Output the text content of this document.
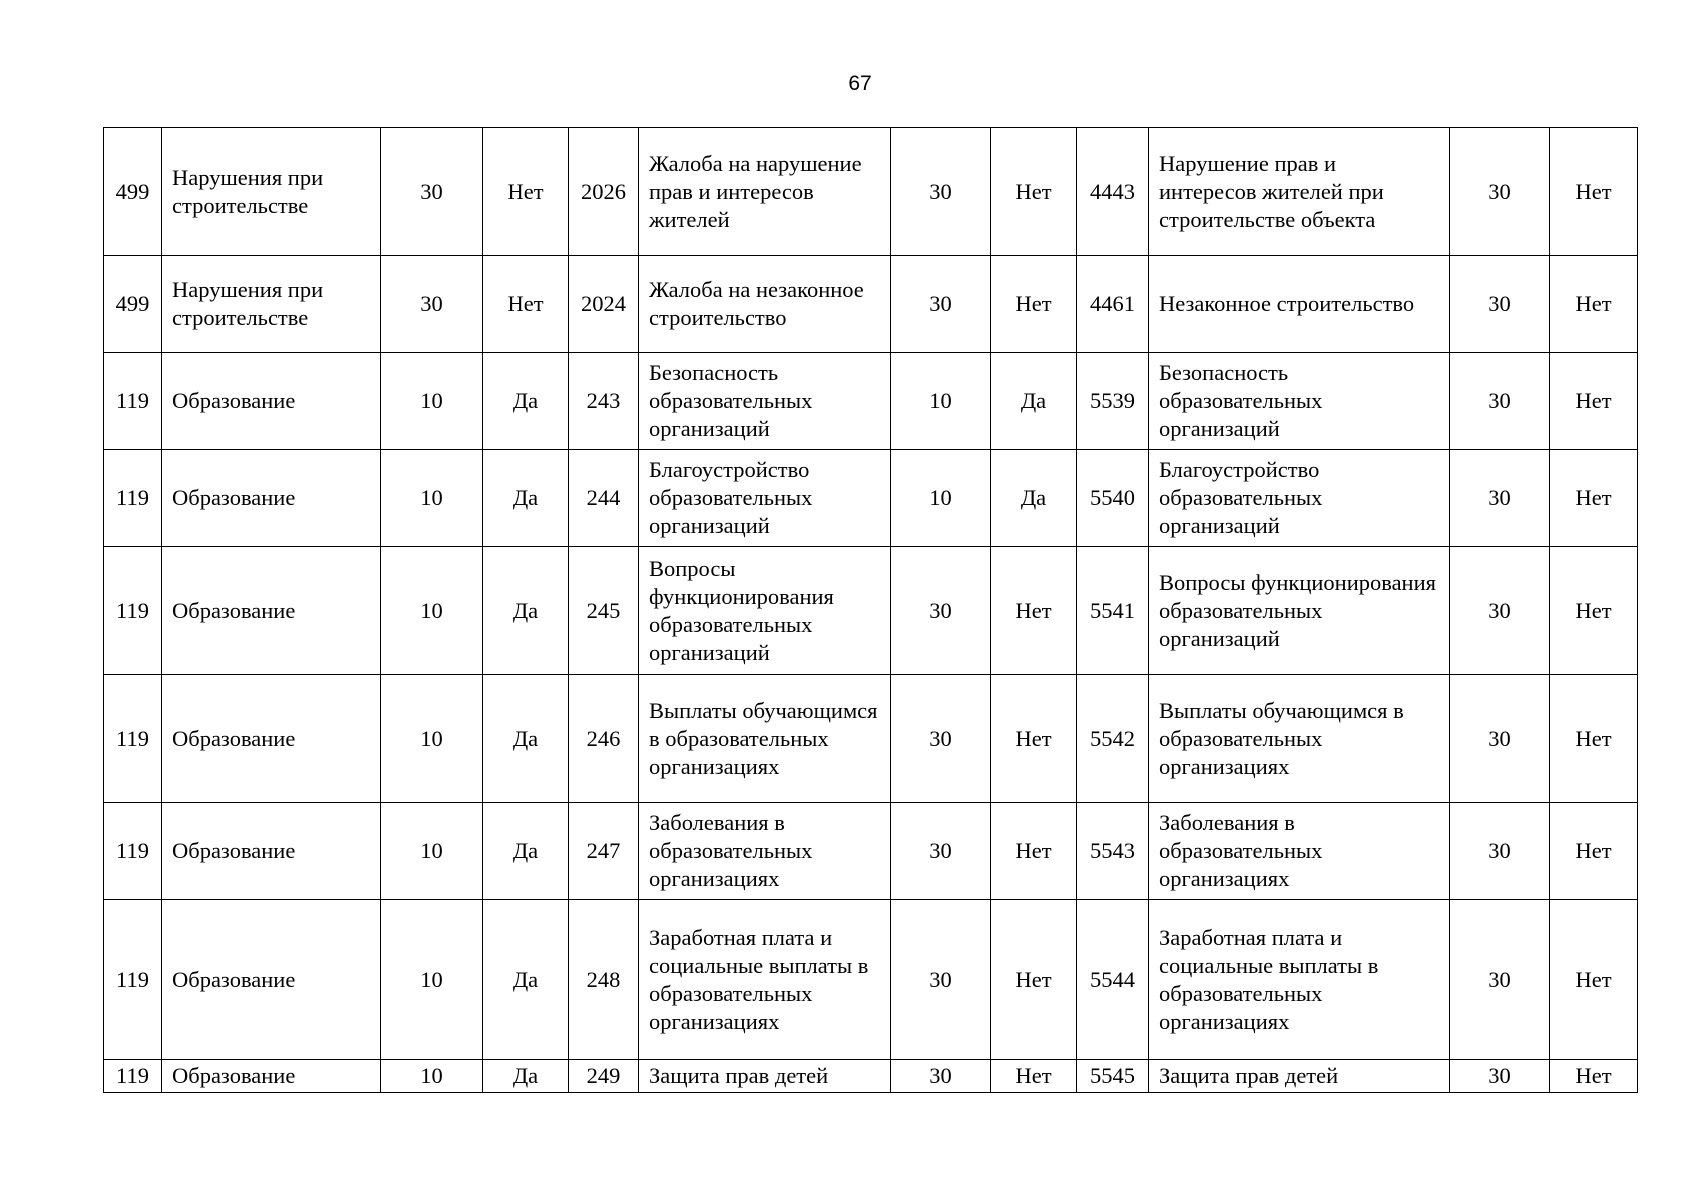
67
499	Нарушения при строительстве	30	Нет	2026	Жалоба на нарушение прав и интересов жителей	30	Нет	4443	Нарушение прав и интересов жителей при строительстве объекта	30	Нет
499	Нарушения при строительстве	30	Нет	2024	Жалоба на незаконное строительство	30	Нет	4461	Незаконное строительство	30	Нет
119	Образование	10	Да	243	Безопасность образовательных организаций	10	Да	5539	Безопасность образовательных организаций	30	Нет
119	Образование	10	Да	244	Благоустройство образовательных организаций	10	Да	5540	Благоустройство образовательных организаций	30	Нет
119	Образование	10	Да	245	Вопросы функционирования образовательных организаций	30	Нет	5541	Вопросы функционирования образовательных организаций	30	Нет
119	Образование	10	Да	246	Выплаты обучающимся в образовательных организациях	30	Нет	5542	Выплаты обучающимся в образовательных организациях	30	Нет
119	Образование	10	Да	247	Заболевания в образовательных организациях	30	Нет	5543	Заболевания в образовательных организациях	30	Нет
119	Образование	10	Да	248	Заработная плата и социальные выплаты в образовательных организациях	30	Нет	5544	Заработная плата и социальные выплаты в образовательных организациях	30	Нет
119	Образование	10	Да	249	Защита прав детей	30	Нет	5545	Защита прав детей	30	Нет
